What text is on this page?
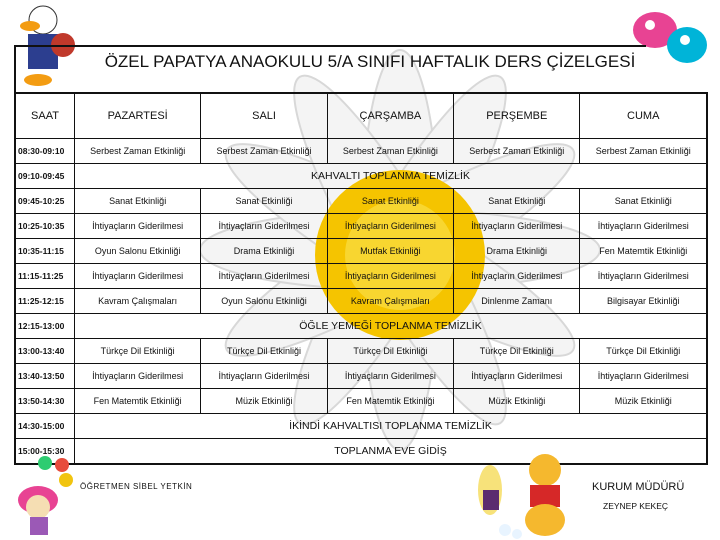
ÖZEL PAPATYA ANAOKULU 5/A SINIFI HAFTALIK DERS ÇİZELGESİ
SAAT	PAZARTESİ	SALI	ÇARŞAMBA	PERŞEMBE	CUMA
08:30-09:10	Serbest Zaman Etkinliği	Serbest Zaman Etkinliği	Serbest Zaman Etkinliği	Serbest Zaman Etkinliği	Serbest Zaman Etkinliği
09:10-09:45	KAHVALTI TOPLANMA TEMİZLİK				
09:45-10:25	Sanat Etkinliği	Sanat Etkinliği	Sanat Etkinliği	Sanat Etkinliği	Sanat Etkinliği
10:25-10:35	İhtiyaçların Giderilmesi	İhtiyaçların Giderilmesi	İhtiyaçların Giderilmesi	İhtiyaçların Giderilmesi	İhtiyaçların Giderilmesi
10:35-11:15	Oyun Salonu Etkinliği	Drama Etkinliği	Mutfak Etkinliği	Drama Etkinliği	Fen Matemtik Etkinliği
11:15-11:25	İhtiyaçların Giderilmesi	İhtiyaçların Giderilmesi	İhtiyaçların Giderilmesi	İhtiyaçların Giderilmesi	İhtiyaçların Giderilmesi
11:25-12:15	Kavram Çalışmaları	Oyun Salonu Etkinliği	Kavram Çalışmaları	Dinlenme Zamanı	Bilgisayar Etkinliği
12:15-13:00	ÖĞLE YEMEĞİ TOPLANMA TEMİZLİK				
13:00-13:40	Türkçe Dil Etkinliği	Türkçe Dil Etkinliği	Türkçe Dil Etkinliği	Türkçe Dil Etkinliği	Türkçe Dil Etkinliği
13:40-13:50	İhtiyaçların Giderilmesi	İhtiyaçların Giderilmesi	İhtiyaçların Giderilmesi	İhtiyaçların Giderilmesi	İhtiyaçların Giderilmesi
13:50-14:30	Fen Matemtik Etkinliği	Müzik Etkinliği	Fen Matemtik Etkinliği	Müzik Etkinliği	Müzik Etkinliği
14:30-15:00	İKİNDİ KAHVALTISI TOPLANMA TEMİZLİK				
15:00-15:30	TOPLANMA EVE GİDİŞ				
ÖĞRETMEN SİBEL YETKİN	KURUM MÜDÜRÜ
ZEYNEP KEKEÇ
